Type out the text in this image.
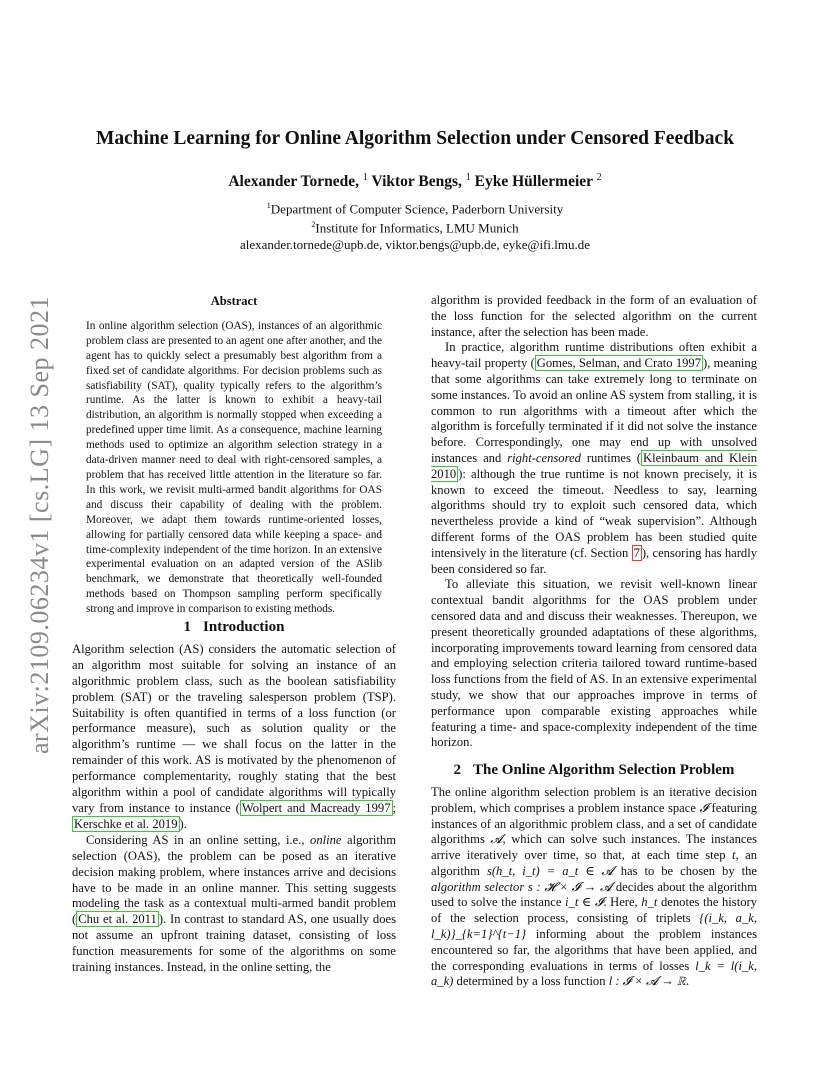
arXiv:2109.06234v1 [cs.LG] 13 Sep 2021
Machine Learning for Online Algorithm Selection under Censored Feedback
Alexander Tornede, $^1$ Viktor Bengs, $^1$ Eyke Hüllermeier $^2$
$^1$Department of Computer Science, Paderborn University
$^2$Institute for Informatics, LMU Munich
alexander.tornede@upb.de, viktor.bengs@upb.de, eyke@ifi.lmu.de
Abstract

In online algorithm selection (OAS), instances of an algorithmic problem class are presented to an agent one after another, and the agent has to quickly select a presumably best algorithm from a fixed set of candidate algorithms. For decision problems such as satisfiability (SAT), quality typically refers to the algorithm’s runtime. As the latter is known to exhibit a heavy-tail distribution, an algorithm is normally stopped when exceeding a predefined upper time limit. As a consequence, machine learning methods used to optimize an algorithm selection strategy in a data-driven manner need to deal with right-censored samples, a problem that has received little attention in the literature so far. In this work, we revisit multi-armed bandit algorithms for OAS and discuss their capability of dealing with the problem. Moreover, we adapt them towards runtime-oriented losses, allowing for partially censored data while keeping a space- and time-complexity independent of the time horizon. In an extensive experimental evaluation on an adapted version of the ASlib benchmark, we demonstrate that theoretically well-founded methods based on Thompson sampling perform specifically strong and improve in comparison to existing methods.

1 Introduction

Algorithm selection (AS) considers the automatic selection of an algorithm most suitable for solving an instance of an algorithmic problem class, such as the boolean satisfiability problem (SAT) or the traveling salesperson problem (TSP). Suitability is often quantified in terms of a loss function (or performance measure), such as solution quality or the algorithm’s runtime — we shall focus on the latter in the remainder of this work. AS is motivated by the phenomenon of performance complementarity, roughly stating that the best algorithm within a pool of candidate algorithms will typically vary from instance to instance ( Wolpert and Macready 1997 ; Kerschke et al. 2019 ).

Considering AS in an online setting, i.e., online algorithm selection (OAS), the problem can be posed as an iterative decision making problem, where instances arrive and decisions have to be made in an online manner. This setting suggests modeling the task as a contextual multi-armed bandit problem ( Chu et al. 2011 ). In contrast to standard AS, one usually does not assume an upfront training dataset, consisting of loss function measurements for some of the algorithms on some training instances. Instead, in the online setting, the

algorithm is provided feedback in the form of an evaluation of the loss function for the selected algorithm on the current instance, after the selection has been made.

In practice, algorithm runtime distributions often exhibit a heavy-tail property ( Gomes, Selman, and Crato 1997 ), meaning that some algorithms can take extremely long to terminate on some instances. To avoid an online AS system from stalling, it is common to run algorithms with a timeout after which the algorithm is forcefully terminated if it did not solve the instance before. Correspondingly, one may end up with unsolved instances and right-censored runtimes ( Kleinbaum and Klein 2010 ): although the true runtime is not known precisely, it is known to exceed the timeout. Needless to say, learning algorithms should try to exploit such censored data, which nevertheless provide a kind of “weak supervision”. Although different forms of the OAS problem has been studied quite intensively in the literature (cf. Section 7 ), censoring has hardly been considered so far.

To alleviate this situation, we revisit well-known linear contextual bandit algorithms for the OAS problem under censored data and and discuss their weaknesses. Thereupon, we present theoretically grounded adaptations of these algorithms, incorporating improvements toward learning from censored data and employing selection criteria tailored toward runtime-based loss functions from the field of AS. In an extensive experimental study, we show that our approaches improve in terms of performance upon comparable existing approaches while featuring a time- and space-complexity independent of the time horizon.

2 The Online Algorithm Selection Problem

The online algorithm selection problem is an iterative decision problem, which comprises a problem instance space 𝓘 featuring instances of an algorithmic problem class, and a set of candidate algorithms 𝓐, which can solve such instances. The instances arrive iteratively over time, so that, at each time step t, an algorithm s(h_t, i_t) = a_t ∈ 𝓐 has to be chosen by the algorithm selector s : 𝓗 × 𝓘 → 𝓐 decides about the algorithm used to solve the instance i_t ∈ 𝓘. Here, h_t denotes the history of the selection process, consisting of triplets {(i_k, a_k, l_k)}_{k=1}^{t−1} informing about the problem instances encountered so far, the algorithms that have been applied, and the corresponding evaluations in terms of losses l_k = l(i_k, a_k) determined by a loss function l : 𝓘 × 𝓐 → ℝ.
